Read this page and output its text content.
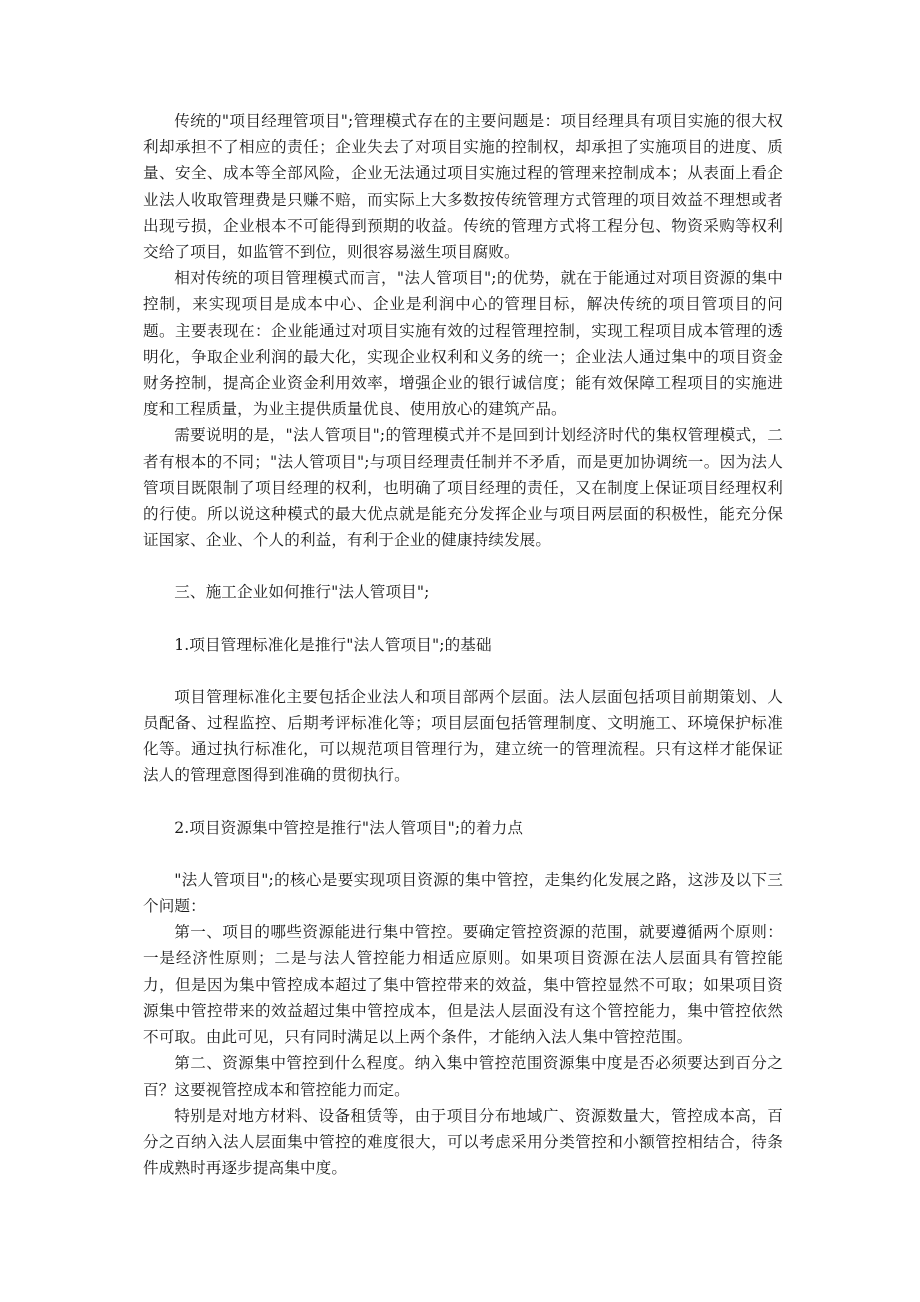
传统的"项目经理管项目";管理模式存在的主要问题是：项目经理具有项目实施的很大权利却承担不了相应的责任；企业失去了对项目实施的控制权，却承担了实施项目的进度、质量、安全、成本等全部风险，企业无法通过项目实施过程的管理来控制成本；从表面上看企业法人收取管理费是只赚不赔，而实际上大多数按传统管理方式管理的项目效益不理想或者出现亏损，企业根本不可能得到预期的收益。传统的管理方式将工程分包、物资采购等权利交给了项目，如监管不到位，则很容易滋生项目腐败。

相对传统的项目管理模式而言，"法人管项目";的优势，就在于能通过对项目资源的集中控制，来实现项目是成本中心、企业是利润中心的管理目标，解决传统的项目管项目的问题。主要表现在：企业能通过对项目实施有效的过程管理控制，实现工程项目成本管理的透明化，争取企业利润的最大化，实现企业权利和义务的统一；企业法人通过集中的项目资金财务控制，提高企业资金利用效率，增强企业的银行诚信度；能有效保障工程项目的实施进度和工程质量，为业主提供质量优良、使用放心的建筑产品。

需要说明的是，"法人管项目";的管理模式并不是回到计划经济时代的集权管理模式，二者有根本的不同；"法人管项目";与项目经理责任制并不矛盾，而是更加协调统一。因为法人管项目既限制了项目经理的权利，也明确了项目经理的责任，又在制度上保证项目经理权利的行使。所以说这种模式的最大优点就是能充分发挥企业与项目两层面的积极性，能充分保证国家、企业、个人的利益，有利于企业的健康持续发展。

三、施工企业如何推行"法人管项目";

1.项目管理标准化是推行"法人管项目";的基础

项目管理标准化主要包括企业法人和项目部两个层面。法人层面包括项目前期策划、人员配备、过程监控、后期考评标准化等；项目层面包括管理制度、文明施工、环境保护标准化等。通过执行标准化，可以规范项目管理行为，建立统一的管理流程。只有这样才能保证法人的管理意图得到准确的贯彻执行。

2.项目资源集中管控是推行"法人管项目";的着力点

"法人管项目";的核心是要实现项目资源的集中管控，走集约化发展之路，这涉及以下三个问题：

第一、项目的哪些资源能进行集中管控。要确定管控资源的范围，就要遵循两个原则：一是经济性原则；二是与法人管控能力相适应原则。如果项目资源在法人层面具有管控能力，但是因为集中管控成本超过了集中管控带来的效益，集中管控显然不可取；如果项目资源集中管控带来的效益超过集中管控成本，但是法人层面没有这个管控能力，集中管控依然不可取。由此可见，只有同时满足以上两个条件，才能纳入法人集中管控范围。

第二、资源集中管控到什么程度。纳入集中管控范围资源集中度是否必须要达到百分之百？这要视管控成本和管控能力而定。

特别是对地方材料、设备租赁等，由于项目分布地域广、资源数量大，管控成本高，百分之百纳入法人层面集中管控的难度很大，可以考虑采用分类管控和小额管控相结合，待条件成熟时再逐步提高集中度。
